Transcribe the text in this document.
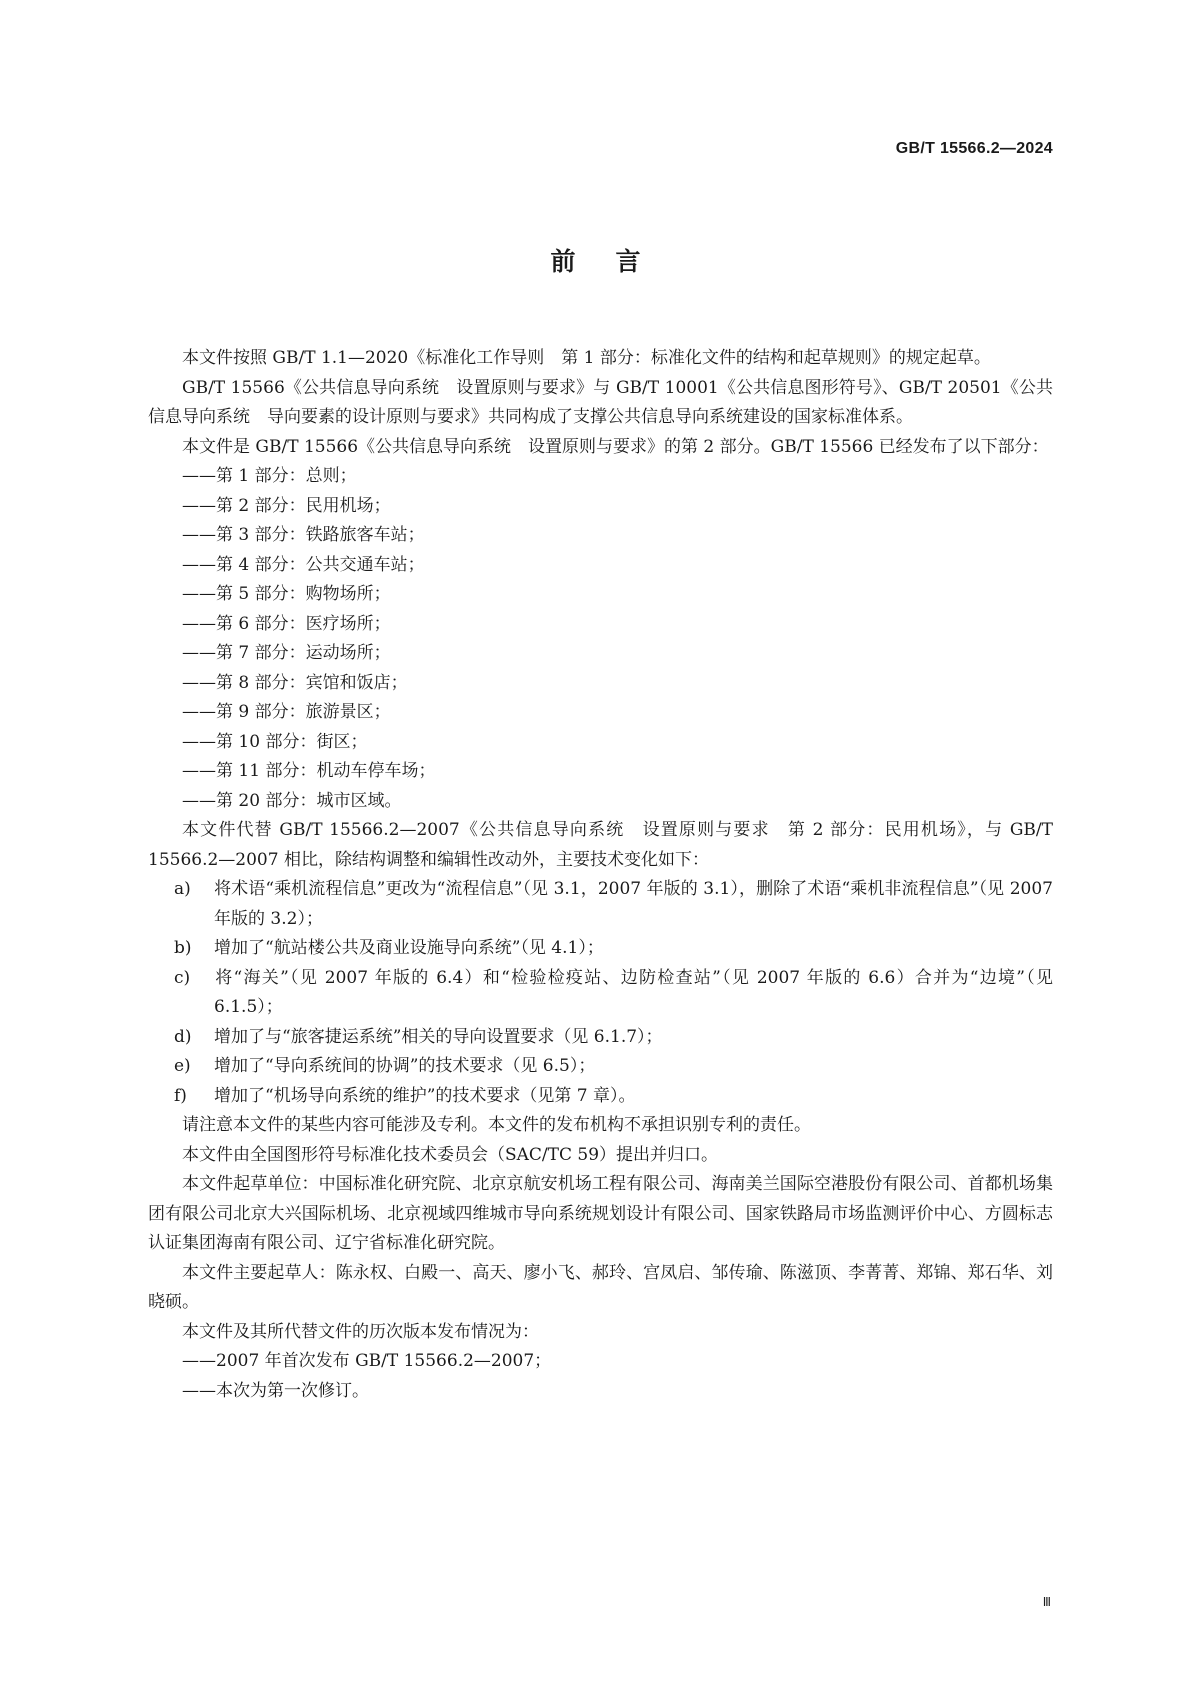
GB/T 15566.2—2024
前言

本文件按照 GB/T 1.1—2020《标准化工作导则　第 1 部分：标准化文件的结构和起草规则》的规定起草。

GB/T 15566《公共信息导向系统　设置原则与要求》与 GB/T 10001《公共信息图形符号》、GB/T 20501《公共信息导向系统　导向要素的设计原则与要求》共同构成了支撑公共信息导向系统建设的国家标准体系。

本文件是 GB/T 15566《公共信息导向系统　设置原则与要求》的第 2 部分。GB/T 15566 已经发布了以下部分：

——第 1 部分：总则；

——第 2 部分：民用机场；

——第 3 部分：铁路旅客车站；

——第 4 部分：公共交通车站；

——第 5 部分：购物场所；

——第 6 部分：医疗场所；

——第 7 部分：运动场所；

——第 8 部分：宾馆和饭店；

——第 9 部分：旅游景区；

——第 10 部分：街区；

——第 11 部分：机动车停车场；

——第 20 部分：城市区域。

本文件代替 GB/T 15566.2—2007《公共信息导向系统　设置原则与要求　第 2 部分：民用机场》，与 GB/T 15566.2—2007 相比，除结构调整和编辑性改动外，主要技术变化如下：

a) 将术语“乘机流程信息”更改为“流程信息”（见 3.1，2007 年版的 3.1），删除了术语“乘机非流程信息”（见 2007 年版的 3.2）；

b) 增加了“航站楼公共及商业设施导向系统”（见 4.1）；

c) 将“海关”（见 2007 年版的 6.4）和“检验检疫站、边防检查站”（见 2007 年版的 6.6）合并为“边境”（见 6.1.5）；

d) 增加了与“旅客捷运系统”相关的导向设置要求（见 6.1.7）；

e) 增加了“导向系统间的协调”的技术要求（见 6.5）；

f) 增加了“机场导向系统的维护”的技术要求（见第 7 章）。

请注意本文件的某些内容可能涉及专利。本文件的发布机构不承担识别专利的责任。

本文件由全国图形符号标准化技术委员会（SAC/TC 59）提出并归口。

本文件起草单位：中国标准化研究院、北京京航安机场工程有限公司、海南美兰国际空港股份有限公司、首都机场集团有限公司北京大兴国际机场、北京视域四维城市导向系统规划设计有限公司、国家铁路局市场监测评价中心、方圆标志认证集团海南有限公司、辽宁省标准化研究院。

本文件主要起草人：陈永权、白殿一、高天、廖小飞、郝玲、宫凤启、邹传瑜、陈滋顶、李菁菁、郑锦、郑石华、刘晓硕。

本文件及其所代替文件的历次版本发布情况为：

——2007 年首次发布 GB/T 15566.2—2007；

——本次为第一次修订。

Ⅲ
